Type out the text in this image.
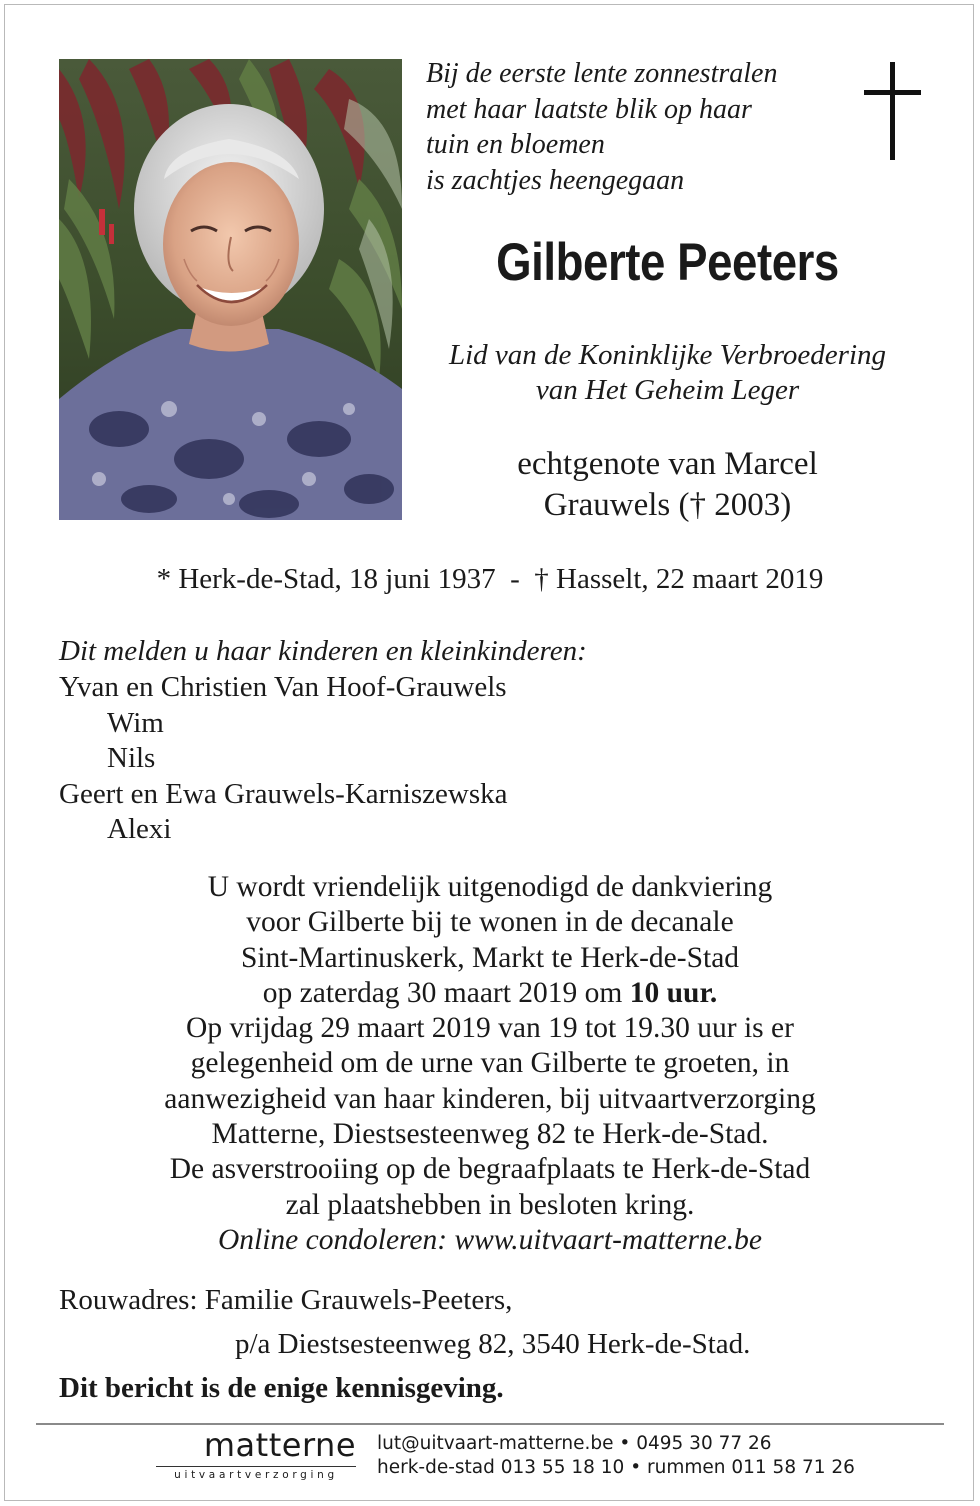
Bij de eerste lente zonnestralen
met haar laatste blik op haar
tuin en bloemen
is zachtjes heengegaan
Gilberte Peeters
Lid van de Koninklijke Verbroedering
van Het Geheim Leger
echtgenote van Marcel
Grauwels († 2003)
* Herk-de-Stad, 18 juni 1937  -  † Hasselt, 22 maart 2019
Dit melden u haar kinderen en kleinkinderen:
Yvan en Christien Van Hoof-Grauwels
Wim
Nils
Geert en Ewa Grauwels-Karniszewska
Alexi
U wordt vriendelijk uitgenodigd de dankviering
voor Gilberte bij te wonen in de decanale
Sint-Martinuskerk, Markt te Herk-de-Stad
op zaterdag 30 maart 2019 om 10 uur.
Op vrijdag 29 maart 2019 van 19 tot 19.30 uur is er
gelegenheid om de urne van Gilberte te groeten, in
aanwezigheid van haar kinderen, bij uitvaartverzorging
Matterne, Diestsesteenweg 82 te Herk-de-Stad.
De asverstrooiing op de begraafplaats te Herk-de-Stad
zal plaatshebben in besloten kring.
Online condoleren: www.uitvaart-matterne.be
Rouwadres: Familie Grauwels-Peeters,
p/a Diestsesteenweg 82, 3540 Herk-de-Stad.
Dit bericht is de enige kennisgeving.
matterne
uitvaartverzorging
lut@uitvaart-matterne.be • 0495 30 77 26
herk-de-stad 013 55 18 10 • rummen 011 58 71 26
